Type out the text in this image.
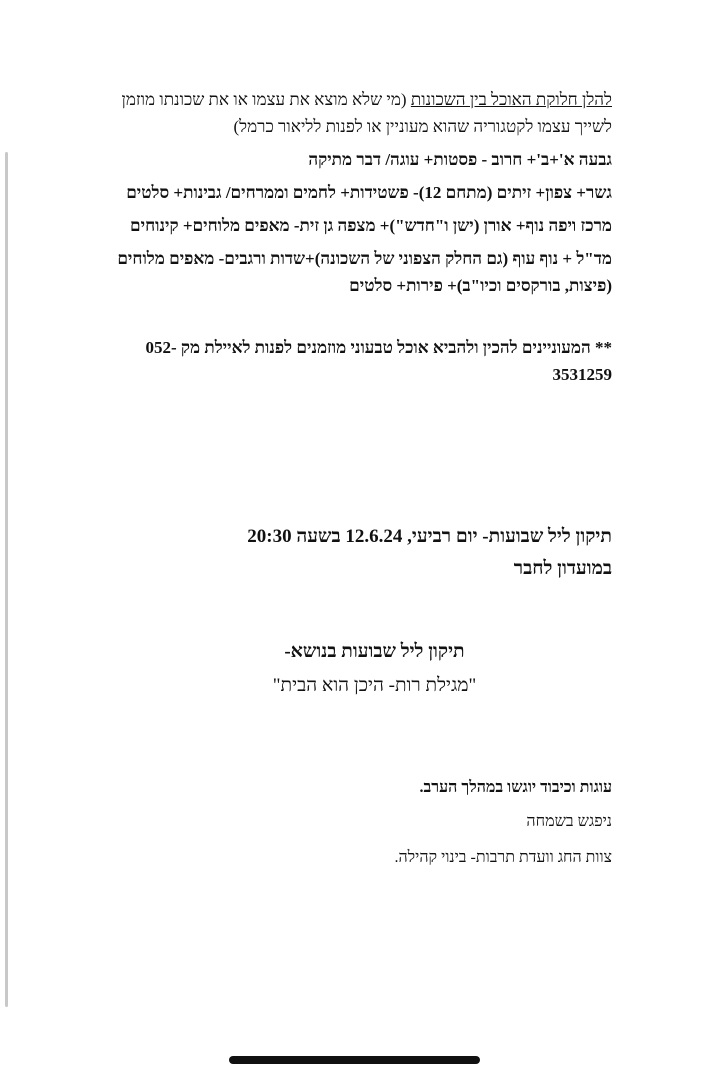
להלן חלוקת האוכל בין השכונות (מי שלא מוצא את עצמו או את שכונתו מוזמן לשייך עצמו לקטגוריה שהוא מעוניין או לפנות לליאור כרמל)

גבעה א'+ב'+ חרוב - פסטות+ עוגה/ דבר מתיקה

גשר+ צפון+ זיתים (מתחם 12)- פשטידות+ לחמים וממרחים/ גבינות+ סלטים

מרכז ויפה נוף+ אורן (ישן ו"חדש")+ מצפה גן זית- מאפים מלוחים+ קינוחים

מד"ל + נוף עוף (גם החלק הצפוני של השכונה)+שדות ורגבים- מאפים מלוחים (פיצות, בורקסים וכיו"ב)+ פירות+ סלטים

** המעוניינים להכין ולהביא אוכל טבעוני מוזמנים לפנות לאיילת מק 052-3531259

תיקון ליל שבועות- יום רביעי, 12.6.24 בשעה 20:30
במועדון לחבר
תיקון ליל שבועות בנושא-
"מגילת רות- היכן הוא הבית"

עוגות וכיבוד יוגשו במהלך הערב.

ניפגש בשמחה

צוות החג וועדת תרבות- בינוי קהילה.
